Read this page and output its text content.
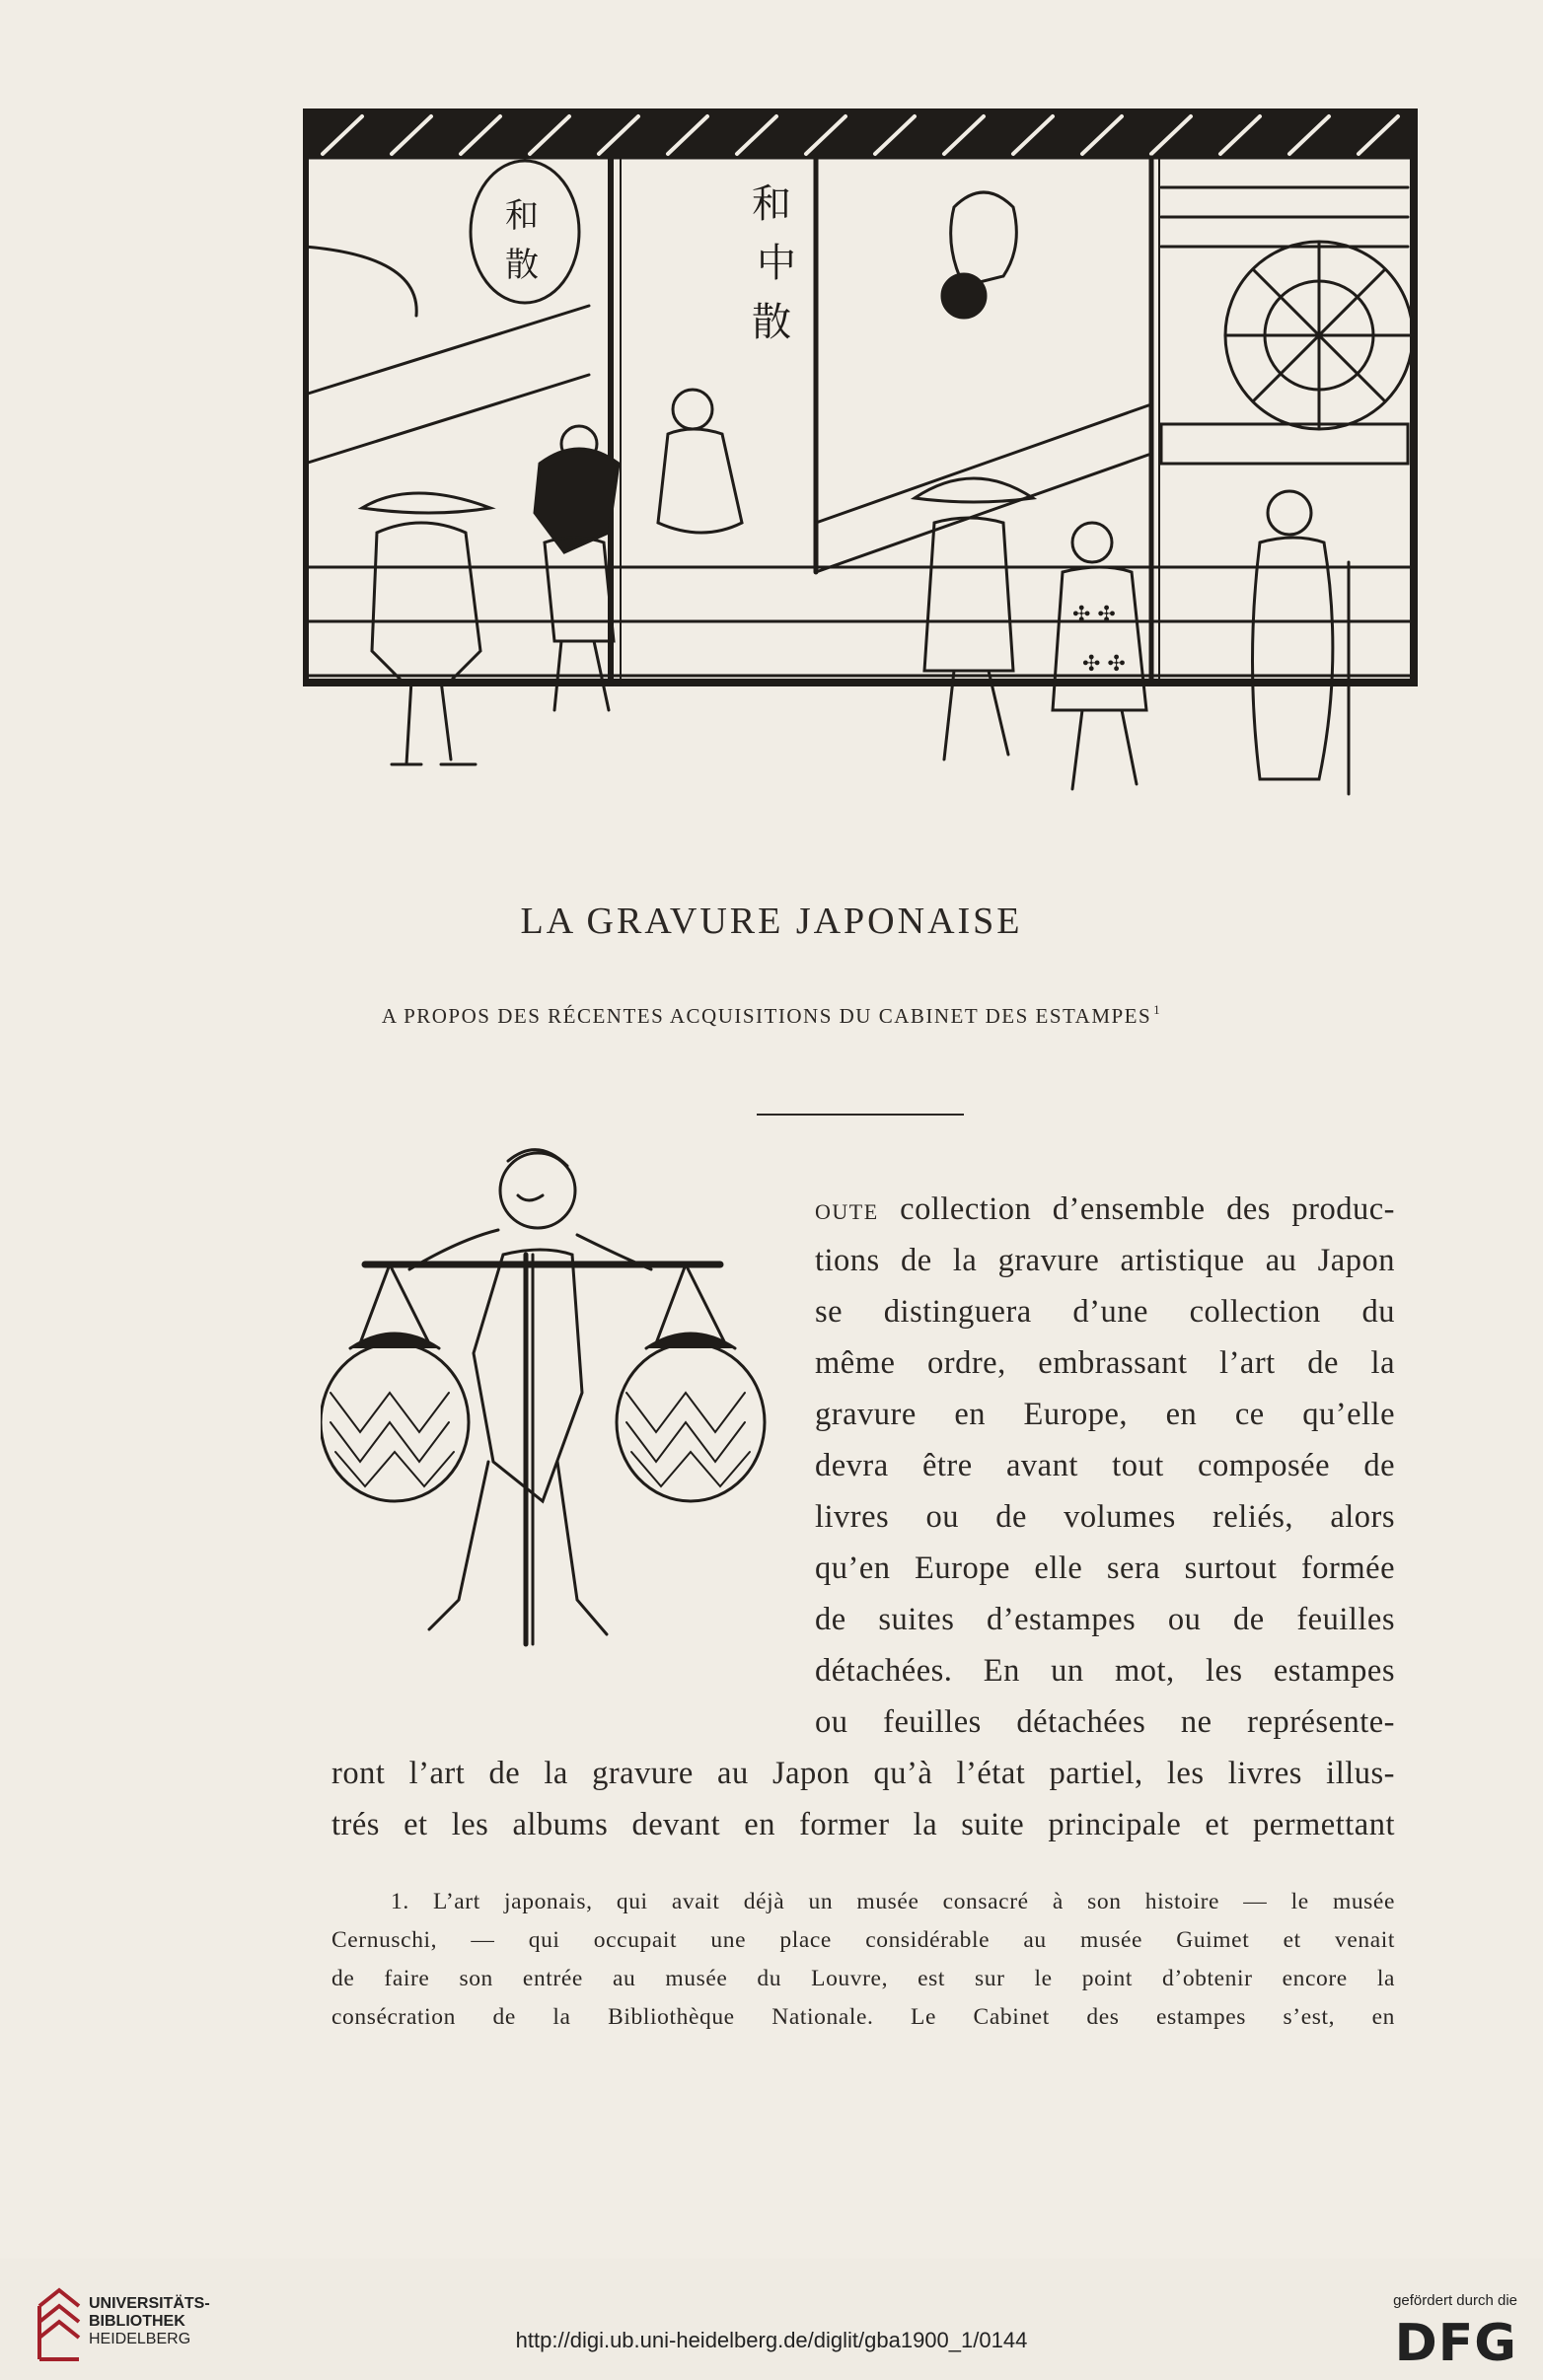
和
散
和
中
散
✣ ✣
✣ ✣
LA GRAVURE JAPONAISE
A PROPOS DES RÉCENTES ACQUISITIONS DU CABINET DES ESTAMPES $^1$
OUTE collection d’ensemble des produc-
tions de la gravure artistique au Japon
se distinguera d’une collection du
même ordre, embrassant l’art de la
gravure en Europe, en ce qu’elle
devra être avant tout composée de
livres ou de volumes reliés, alors
qu’en Europe elle sera surtout formée
de suites d’estampes ou de feuilles
détachées. En un mot, les estampes
ou feuilles détachées ne représente-
ront l’art de la gravure au Japon qu’à l’état partiel, les livres illus-
trés et les albums devant en former la suite principale et permettant
1. L’art japonais, qui avait déjà un musée consacré à son histoire — le musée
Cernuschi, — qui occupait une place considérable au musée Guimet et venait
de faire son entrée au musée du Louvre, est sur le point d’obtenir encore la
consécration de la Bibliothèque Nationale. Le Cabinet des estampes s’est, en
UNIVERSITÄTS-
BIBLIOTHEK
HEIDELBERG	http://digi.ub.uni-heidelberg.de/diglit/gba1900_1/0144
gefördert durch die
DFG
